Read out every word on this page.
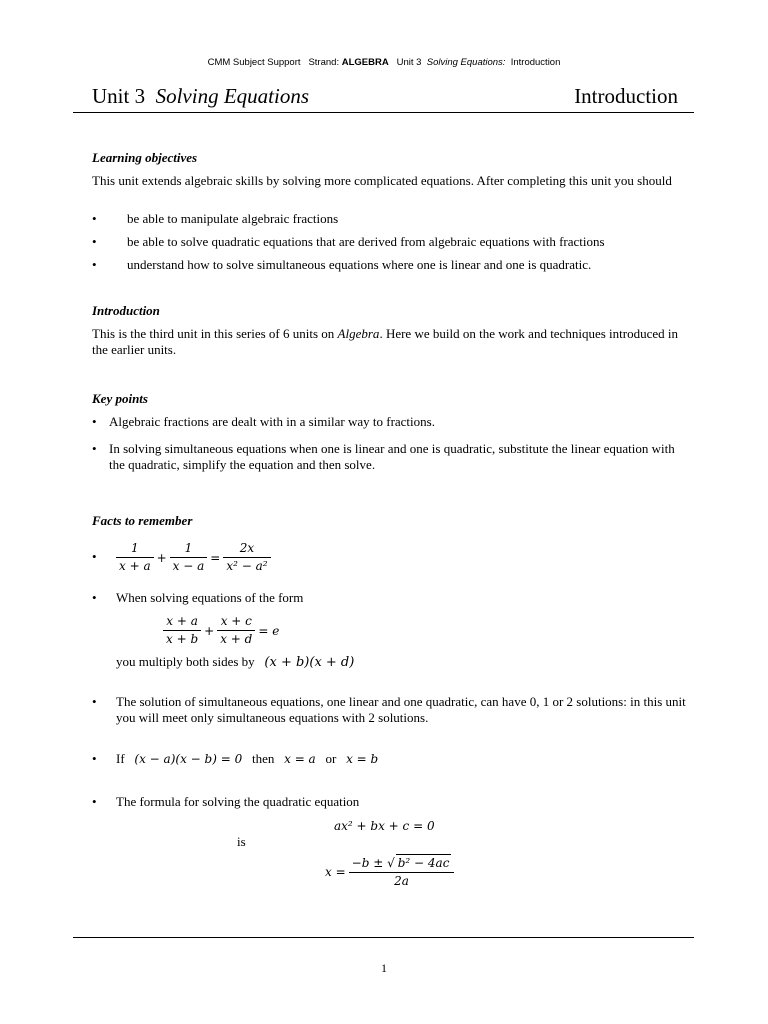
CMM Subject Support Strand: ALGEBRA Unit 3 Solving Equations: Introduction
Unit 3 Solving Equations	Introduction
Learning objectives
This unit extends algebraic skills by solving more complicated equations. After completing this unit you should
• be able to manipulate algebraic fractions
• be able to solve quadratic equations that are derived from algebraic equations with fractions
• understand how to solve simultaneous equations where one is linear and one is quadratic.
Introduction
This is the third unit in this series of 6 units on Algebra. Here we build on the work and techniques introduced in the earlier units.
Key points
• Algebraic fractions are dealt with in a similar way to fractions.
• In solving simultaneous equations when one is linear and one is quadratic, substitute the linear equation with the quadratic, simplify the equation and then solve.
Facts to remember
• $\frac{1}{x + a} + \frac{1}{x - a} = \frac{2x}{\text{x² − a²}}$
• When solving equations of the form
$\frac{x + a}{x + b} + \frac{x + c}{x + d} = e$
you multiply both sides by (x + b)(x + d)
• The solution of simultaneous equations, one linear and one quadratic, can have 0, 1 or 2 solutions: in this unit you will meet only simultaneous equations with 2 solutions.
• If (x − a)(x − b) = 0 then x = a or x = b
• The formula for solving the quadratic equation
ax² + bx + c = 0
is
$x = \frac{\text{−b ± √ b² − 4ac}}{2a}$
1
